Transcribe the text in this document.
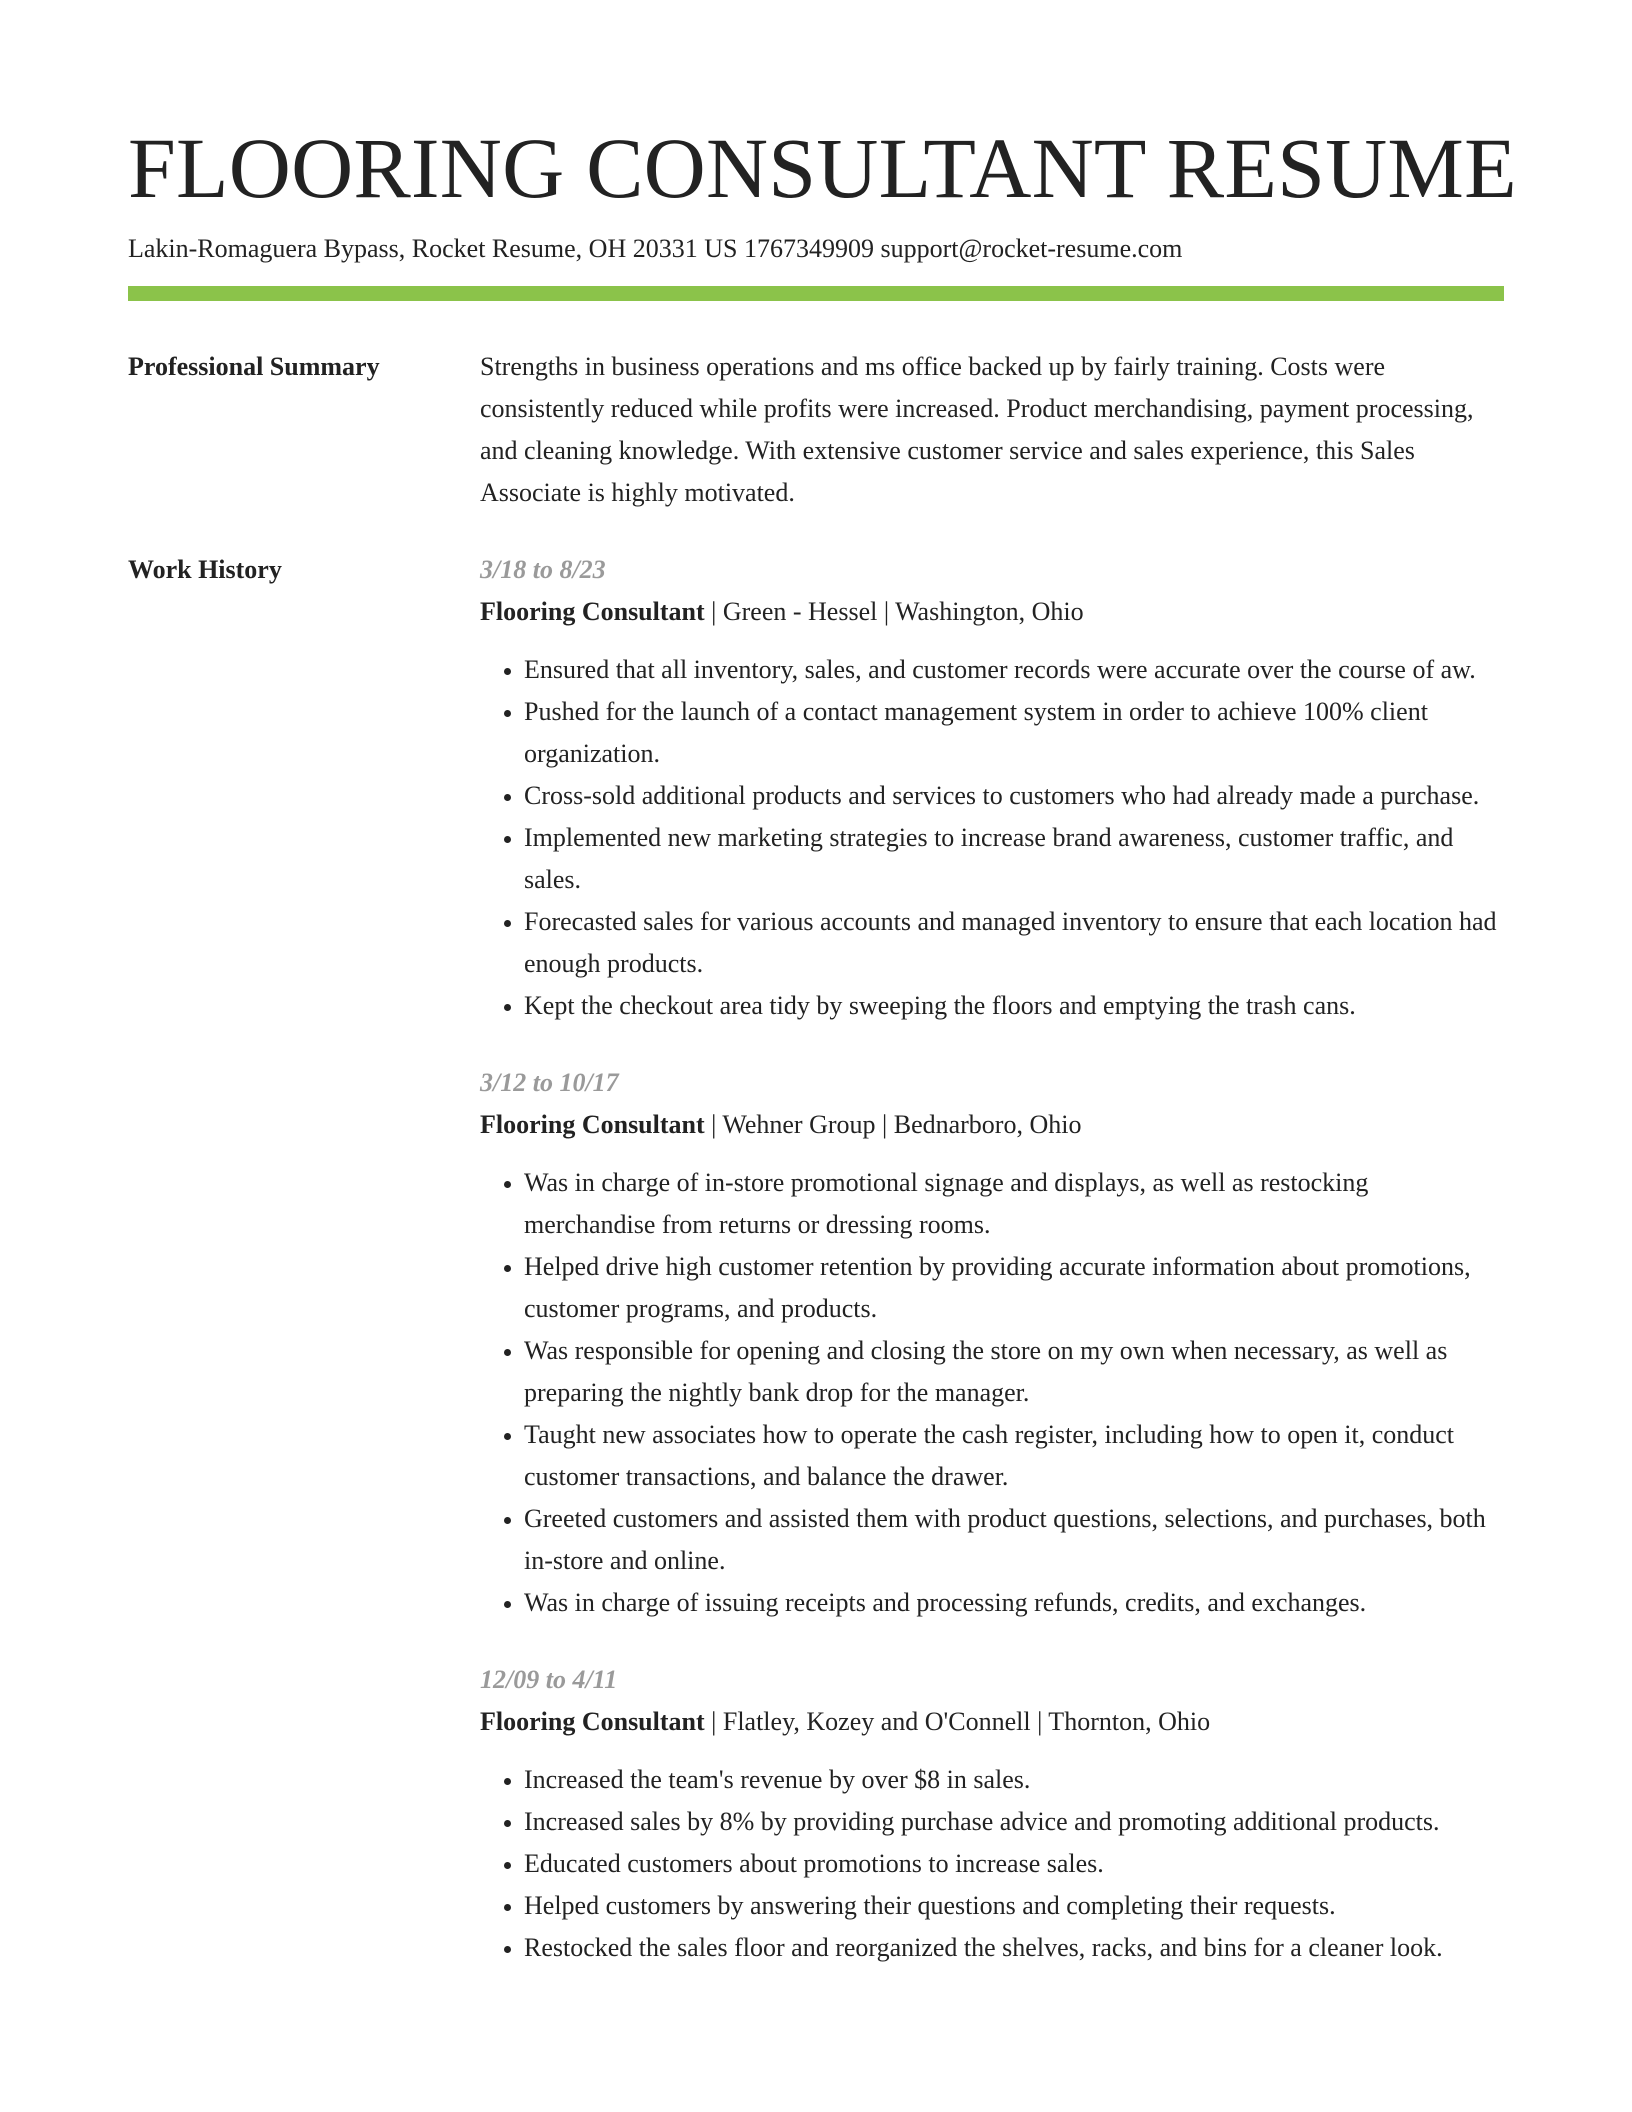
FLOORING CONSULTANT RESUME
Lakin-Romaguera Bypass, Rocket Resume, OH 20331 US 1767349909 support@rocket-resume.com
Professional Summary	Strengths in business operations and ms office backed up by fairly training. Costs were consistently reduced while profits were increased. Product merchandising, payment processing, and cleaning knowledge. With extensive customer service and sales experience, this Sales Associate is highly motivated.

Work History	3/18 to 8/23
Flooring Consultant | Green - Hessel | Washington, Ohio
• Ensured that all inventory, sales, and customer records were accurate over the course of aw.
• Pushed for the launch of a contact management system in order to achieve 100% client organization.
• Cross-sold additional products and services to customers who had already made a purchase.
• Implemented new marketing strategies to increase brand awareness, customer traffic, and sales.
• Forecasted sales for various accounts and managed inventory to ensure that each location had enough products.
• Kept the checkout area tidy by sweeping the floors and emptying the trash cans.
3/12 to 10/17
Flooring Consultant | Wehner Group | Bednarboro, Ohio
• Was in charge of in-store promotional signage and displays, as well as restocking merchandise from returns or dressing rooms.
• Helped drive high customer retention by providing accurate information about promotions, customer programs, and products.
• Was responsible for opening and closing the store on my own when necessary, as well as preparing the nightly bank drop for the manager.
• Taught new associates how to operate the cash register, including how to open it, conduct customer transactions, and balance the drawer.
• Greeted customers and assisted them with product questions, selections, and purchases, both in-store and online.
• Was in charge of issuing receipts and processing refunds, credits, and exchanges.
12/09 to 4/11
Flooring Consultant | Flatley, Kozey and O'Connell | Thornton, Ohio
• Increased the team's revenue by over $8 in sales.
• Increased sales by 8% by providing purchase advice and promoting additional products.
• Educated customers about promotions to increase sales.
• Helped customers by answering their questions and completing their requests.
• Restocked the sales floor and reorganized the shelves, racks, and bins for a cleaner look.
